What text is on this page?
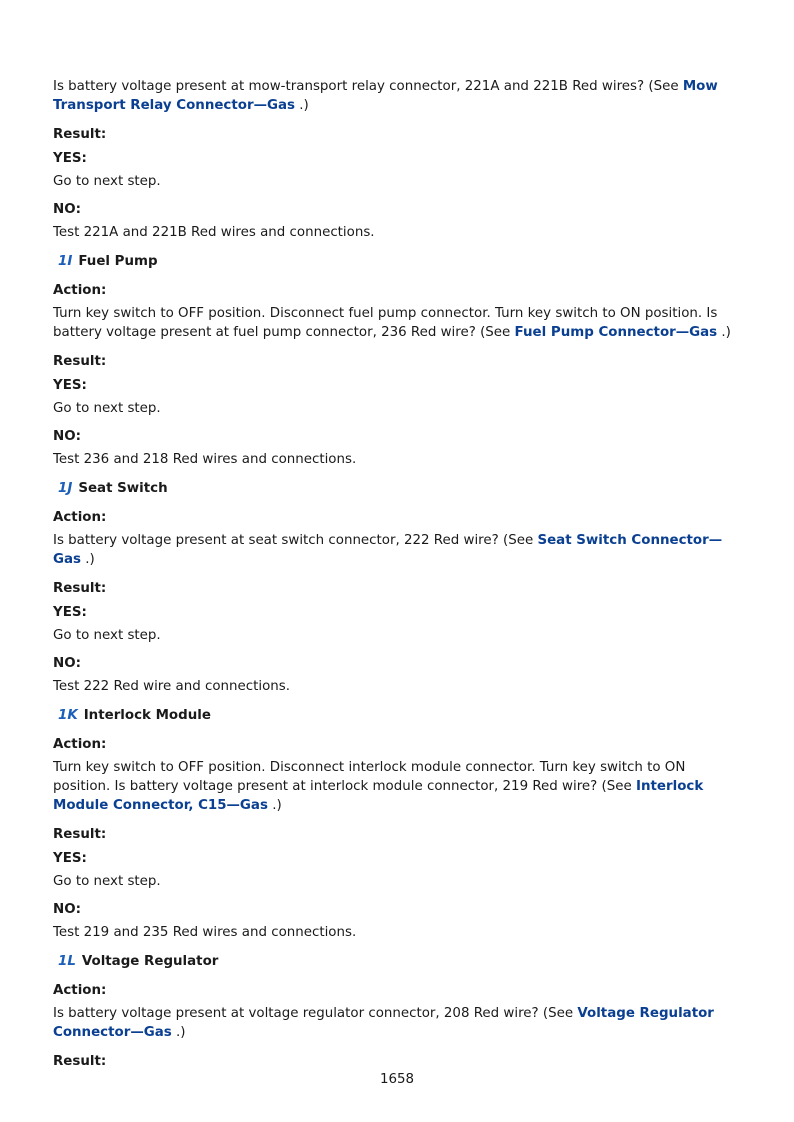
Is battery voltage present at mow-transport relay connector, 221A and 221B Red wires? (See Mow Transport Relay Connector—Gas .)

Result:

YES:

Go to next step.

NO:

Test 221A and 221B Red wires and connections.

1I Fuel Pump

Action:

Turn key switch to OFF position. Disconnect fuel pump connector. Turn key switch to ON position. Is battery voltage present at fuel pump connector, 236 Red wire? (See Fuel Pump Connector—Gas .)

Result:

YES:

Go to next step.

NO:

Test 236 and 218 Red wires and connections.

1J Seat Switch

Action:

Is battery voltage present at seat switch connector, 222 Red wire? (See Seat Switch Connector—Gas .)

Result:

YES:

Go to next step.

NO:

Test 222 Red wire and connections.

1K Interlock Module

Action:

Turn key switch to OFF position. Disconnect interlock module connector. Turn key switch to ON position. Is battery voltage present at interlock module connector, 219 Red wire? (See Interlock Module Connector, C15—Gas .)

Result:

YES:

Go to next step.

NO:

Test 219 and 235 Red wires and connections.

1L Voltage Regulator

Action:

Is battery voltage present at voltage regulator connector, 208 Red wire? (See Voltage Regulator Connector—Gas .)

Result:

1658
